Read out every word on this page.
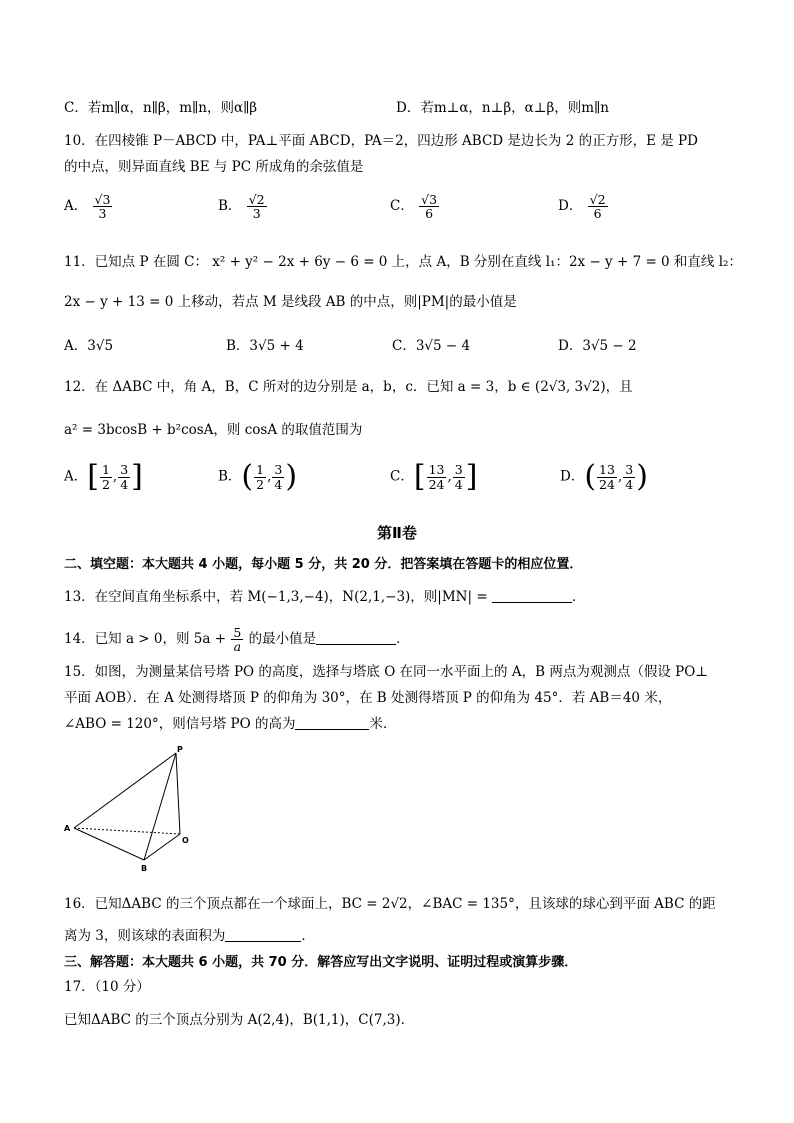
C．若m∥α，n∥β，m∥n，则α∥β	D．若m⊥α，n⊥β，α⊥β，则m∥n
10．在四棱锥 P－ABCD 中，PA⊥平面 ABCD，PA＝2，四边形 ABCD 是边长为 2 的正方形，E 是 PD
的中点，则异面直线 BE 与 PC 所成角的余弦值是
A． $\frac{√3}{3}$	B． $\frac{√2}{3}$	C． $\frac{√3}{6}$	D． $\frac{√2}{6}$
11．已知点 P 在圆 C： x² + y² − 2x + 6y − 6 = 0 上，点 A，B 分别在直线 l₁：2x − y + 7 = 0 和直线 l₂：
2x − y + 13 = 0 上移动，若点 M 是线段 AB 的中点，则|PM|的最小值是
A．3√5	B．3√5 + 4	C．3√5 − 4	D．3√5 − 2
12．在 ΔABC 中，角 A，B，C 所对的边分别是 a，b，c．已知 a = 3，b ∈ (2√3, 3√2)，且
a² = 3bcosB + b²cosA，则 cosA 的取值范围为
A．[ $\frac{1}{2}$ , $\frac{3}{4}$ ]	B．( $\frac{1}{2}$ , $\frac{3}{4}$ )	C．[ $\frac{13}{24}$ , $\frac{3}{4}$ ]	D．( $\frac{13}{24}$ , $\frac{3}{4}$ )
第Ⅱ卷
二、填空题：本大题共 4 小题，每小题 5 分，共 20 分．把答案填在答题卡的相应位置．
13．在空间直角坐标系中，若 M(−1,3,−4)，N(2,1,−3)，则|MN| =	．
14．已知 a > 0，则 $5a + \frac{5}{a}$ 的最小值是	．
15．如图，为测量某信号塔 PO 的高度，选择与塔底 O 在同一水平面上的 A，B 两点为观测点（假设 PO⊥
平面 AOB）．在 A 处测得塔顶 P 的仰角为 30°，在 B 处测得塔顶 P 的仰角为 45°．若 AB＝40 米，
∠ABO = 120°，则信号塔 PO 的高为	米．
P
A
B
O
16．已知ΔABC 的三个顶点都在一个球面上，BC = 2√2，∠BAC = 135°，且该球的球心到平面 ABC 的距
离为 3，则该球的表面积为	．
三、解答题：本大题共 6 小题，共 70 分．解答应写出文字说明、证明过程或演算步骤．
17．（10 分）
已知ΔABC 的三个顶点分别为 A(2,4)，B(1,1)，C(7,3)．
